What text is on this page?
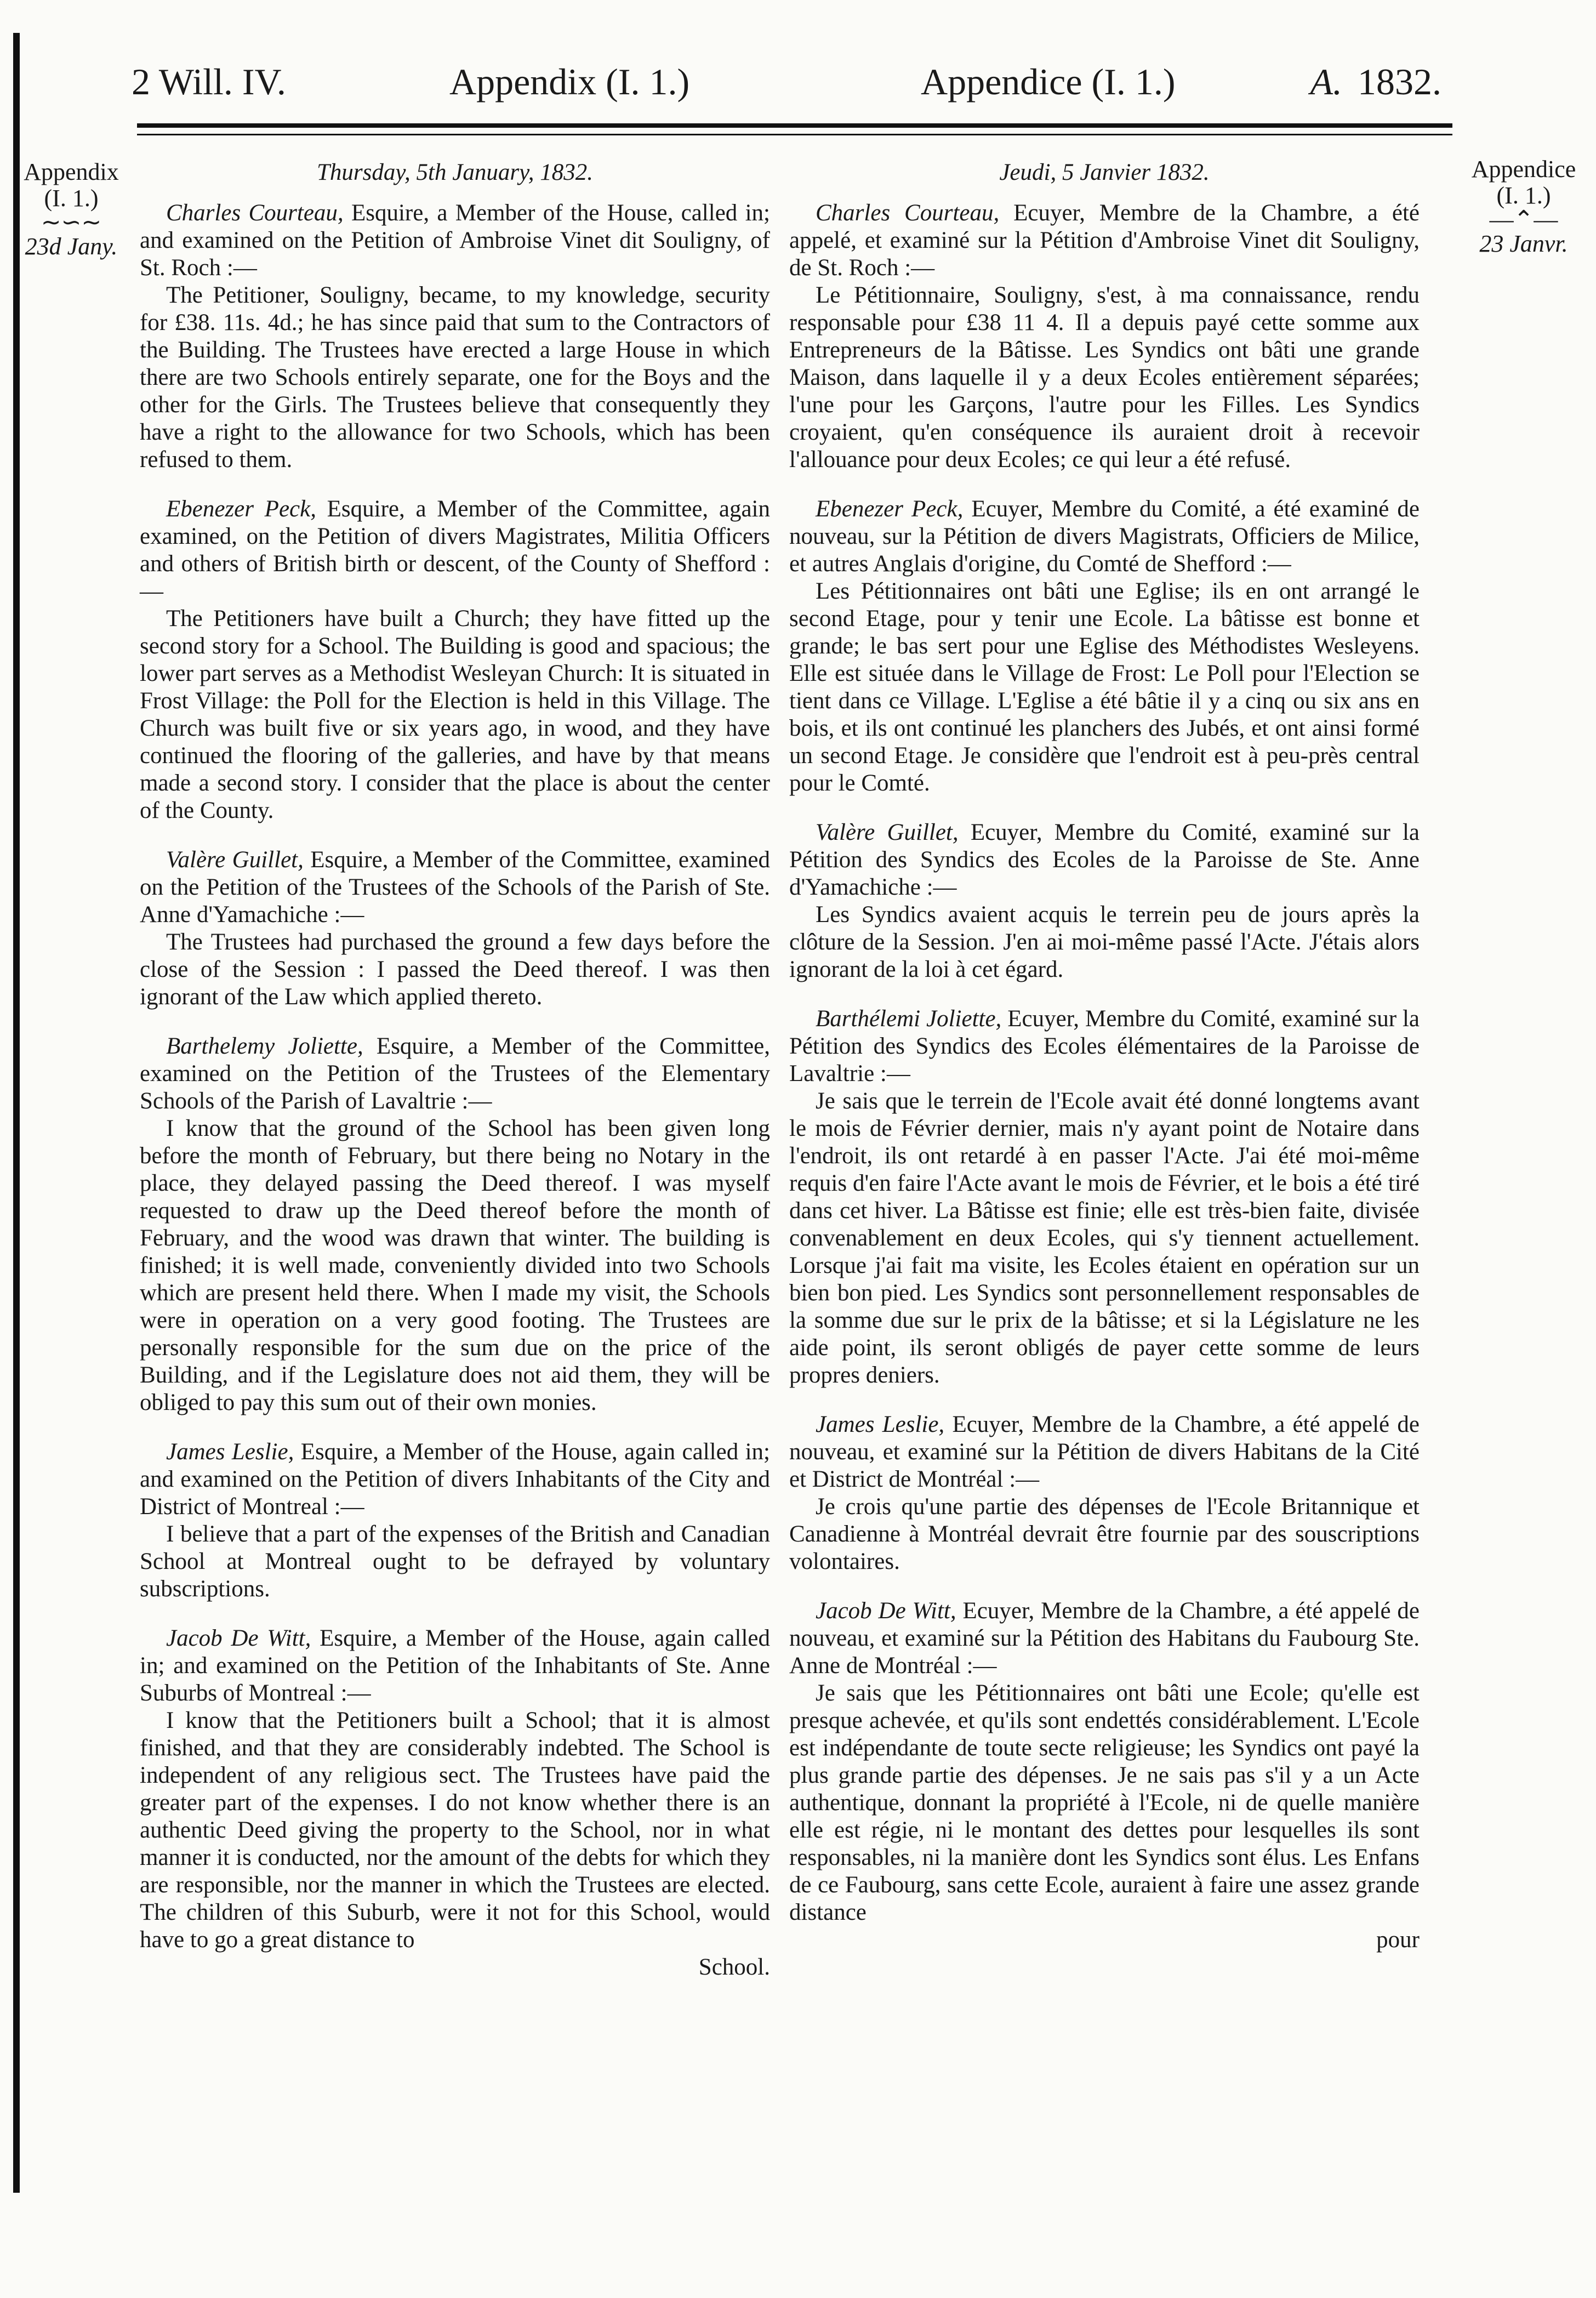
2 Will. IV.	Appendix (I. 1.)	Appendice (I. 1.)	A. 1832.
Appendix
(I. 1.)
∼∽∼
23d Jany.
Appendice
(I. 1.)
—⌃—
23 Janvr.
Thursday, 5th January, 1832.

Charles Courteau, Esquire, a Member of the House, called in; and examined on the Petition of Ambroise Vinet dit Souligny, of St. Roch :—

The Petitioner, Souligny, became, to my knowledge, security for £38. 11s. 4d.; he has since paid that sum to the Contractors of the Building. The Trustees have erected a large House in which there are two Schools entirely separate, one for the Boys and the other for the Girls. The Trustees believe that consequently they have a right to the allowance for two Schools, which has been refused to them.

Ebenezer Peck, Esquire, a Member of the Committee, again examined, on the Petition of divers Magistrates, Militia Officers and others of British birth or descent, of the County of Shefford :—

The Petitioners have built a Church; they have fitted up the second story for a School. The Building is good and spacious; the lower part serves as a Methodist Wesleyan Church: It is situated in Frost Village: the Poll for the Election is held in this Village. The Church was built five or six years ago, in wood, and they have continued the flooring of the galleries, and have by that means made a second story. I consider that the place is about the center of the County.

Valère Guillet, Esquire, a Member of the Committee, examined on the Petition of the Trustees of the Schools of the Parish of Ste. Anne d'Yamachiche :—

The Trustees had purchased the ground a few days before the close of the Session : I passed the Deed thereof. I was then ignorant of the Law which applied thereto.

Barthelemy Joliette, Esquire, a Member of the Committee, examined on the Petition of the Trustees of the Elementary Schools of the Parish of Lavaltrie :—

I know that the ground of the School has been given long before the month of February, but there being no Notary in the place, they delayed passing the Deed thereof. I was myself requested to draw up the Deed thereof before the month of February, and the wood was drawn that winter. The building is finished; it is well made, conveniently divided into two Schools which are present held there. When I made my visit, the Schools were in operation on a very good footing. The Trustees are personally responsible for the sum due on the price of the Building, and if the Legislature does not aid them, they will be obliged to pay this sum out of their own monies.

James Leslie, Esquire, a Member of the House, again called in; and examined on the Petition of divers Inhabitants of the City and District of Montreal :—

I believe that a part of the expenses of the British and Canadian School at Montreal ought to be defrayed by voluntary subscriptions.

Jacob De Witt, Esquire, a Member of the House, again called in; and examined on the Petition of the Inhabitants of Ste. Anne Suburbs of Montreal :—

I know that the Petitioners built a School; that it is almost finished, and that they are considerably indebted. The School is independent of any religious sect. The Trustees have paid the greater part of the expenses. I do not know whether there is an authentic Deed giving the property to the School, nor in what manner it is conducted, nor the amount of the debts for which they are responsible, nor the manner in which the Trustees are elected. The children of this Suburb, were it not for this School, would have to go a great distance to

School.

Jeudi, 5 Janvier 1832.

Charles Courteau, Ecuyer, Membre de la Chambre, a été appelé, et examiné sur la Pétition d'Ambroise Vinet dit Souligny, de St. Roch :—

Le Pétitionnaire, Souligny, s'est, à ma connaissance, rendu responsable pour £38 11 4. Il a depuis payé cette somme aux Entrepreneurs de la Bâtisse. Les Syndics ont bâti une grande Maison, dans laquelle il y a deux Ecoles entièrement séparées; l'une pour les Garçons, l'autre pour les Filles. Les Syndics croyaient, qu'en conséquence ils auraient droit à recevoir l'allouance pour deux Ecoles; ce qui leur a été refusé.

Ebenezer Peck, Ecuyer, Membre du Comité, a été examiné de nouveau, sur la Pétition de divers Magistrats, Officiers de Milice, et autres Anglais d'origine, du Comté de Shefford :—

Les Pétitionnaires ont bâti une Eglise; ils en ont arrangé le second Etage, pour y tenir une Ecole. La bâtisse est bonne et grande; le bas sert pour une Eglise des Méthodistes Wesleyens. Elle est située dans le Village de Frost: Le Poll pour l'Election se tient dans ce Village. L'Eglise a été bâtie il y a cinq ou six ans en bois, et ils ont continué les planchers des Jubés, et ont ainsi formé un second Etage. Je considère que l'endroit est à peu-près central pour le Comté.

Valère Guillet, Ecuyer, Membre du Comité, examiné sur la Pétition des Syndics des Ecoles de la Paroisse de Ste. Anne d'Yamachiche :—

Les Syndics avaient acquis le terrein peu de jours après la clôture de la Session. J'en ai moi-même passé l'Acte. J'étais alors ignorant de la loi à cet égard.

Barthélemi Joliette, Ecuyer, Membre du Comité, examiné sur la Pétition des Syndics des Ecoles élémentaires de la Paroisse de Lavaltrie :—

Je sais que le terrein de l'Ecole avait été donné longtems avant le mois de Février dernier, mais n'y ayant point de Notaire dans l'endroit, ils ont retardé à en passer l'Acte. J'ai été moi-même requis d'en faire l'Acte avant le mois de Février, et le bois a été tiré dans cet hiver. La Bâtisse est finie; elle est très-bien faite, divisée convenablement en deux Ecoles, qui s'y tiennent actuellement. Lorsque j'ai fait ma visite, les Ecoles étaient en opération sur un bien bon pied. Les Syndics sont personnellement responsables de la somme due sur le prix de la bâtisse; et si la Législature ne les aide point, ils seront obligés de payer cette somme de leurs propres deniers.

James Leslie, Ecuyer, Membre de la Chambre, a été appelé de nouveau, et examiné sur la Pétition de divers Habitans de la Cité et District de Montréal :—

Je crois qu'une partie des dépenses de l'Ecole Britannique et Canadienne à Montréal devrait être fournie par des souscriptions volontaires.

Jacob De Witt, Ecuyer, Membre de la Chambre, a été appelé de nouveau, et examiné sur la Pétition des Habitans du Faubourg Ste. Anne de Montréal :—

Je sais que les Pétitionnaires ont bâti une Ecole; qu'elle est presque achevée, et qu'ils sont endettés considérablement. L'Ecole est indépendante de toute secte religieuse; les Syndics ont payé la plus grande partie des dépenses. Je ne sais pas s'il y a un Acte authentique, donnant la propriété à l'Ecole, ni de quelle manière elle est régie, ni le montant des dettes pour lesquelles ils sont responsables, ni la manière dont les Syndics sont élus. Les Enfans de ce Faubourg, sans cette Ecole, auraient à faire une assez grande distance

pour
